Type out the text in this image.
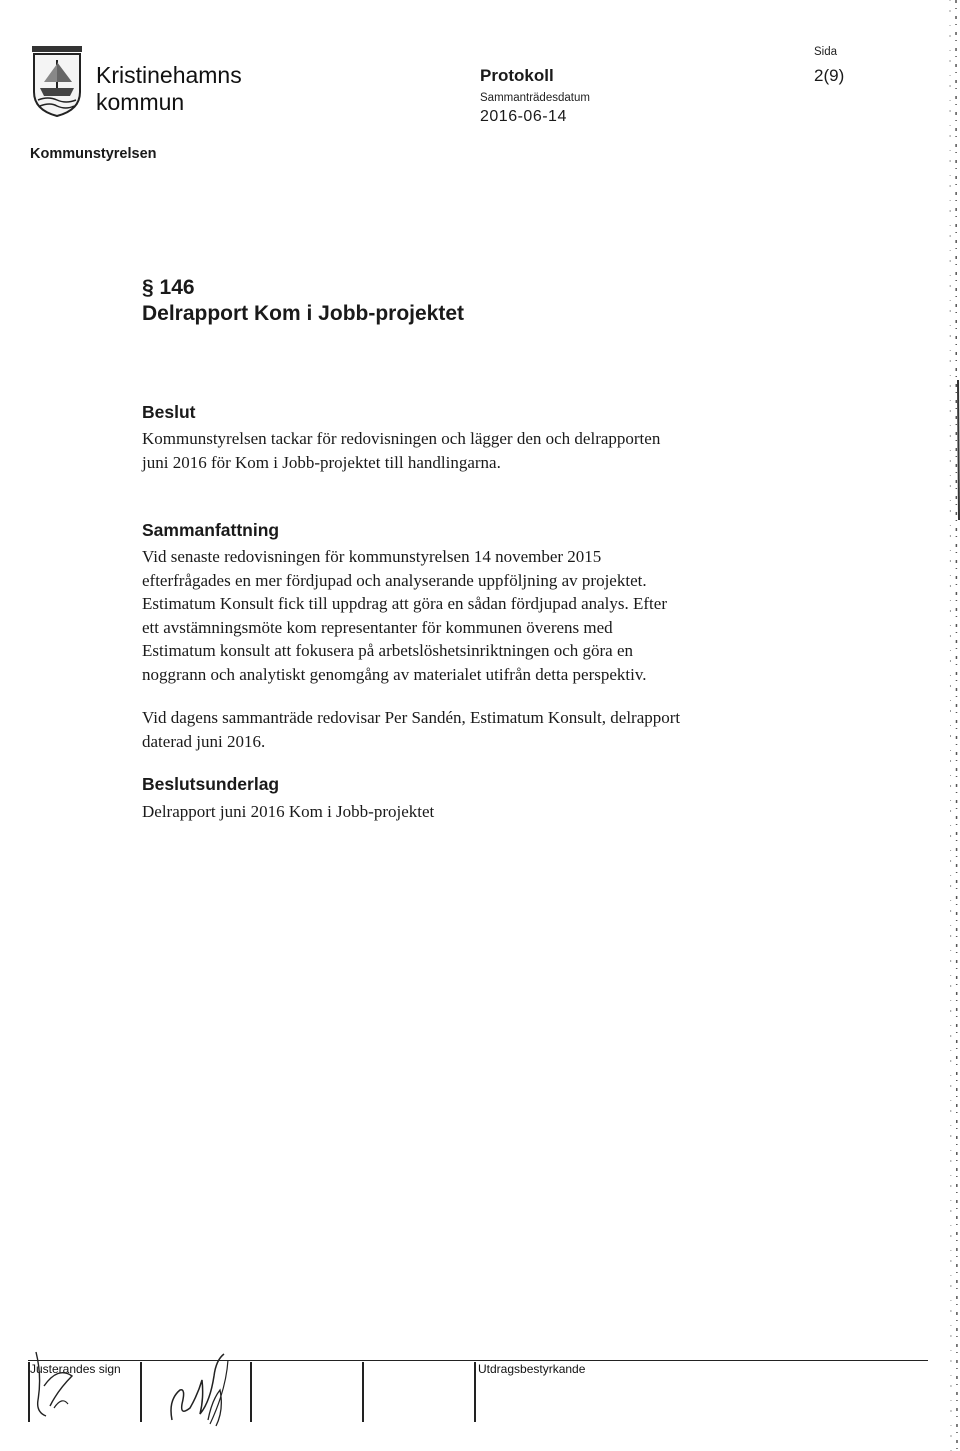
Kristinehamns
kommun
Protokoll
Sammanträdesdatum
2016-06-14
Sida
2(9)
Kommunstyrelsen
§ 146
Delrapport Kom i Jobb-projektet
Beslut
Kommunstyrelsen tackar för redovisningen och lägger den och delrapporten
juni 2016 för Kom i Jobb-projektet till handlingarna.
Sammanfattning
Vid senaste redovisningen för kommunstyrelsen 14 november 2015
efterfrågades en mer fördjupad och analyserande uppföljning av projektet.
Estimatum Konsult fick till uppdrag att göra en sådan fördjupad analys. Efter
ett avstämningsmöte kom representanter för kommunen överens med
Estimatum konsult att fokusera på arbetslöshetsinriktningen och göra en
noggrann och analytiskt genomgång av materialet utifrån detta perspektiv.
Vid dagens sammanträde redovisar Per Sandén, Estimatum Konsult, delrapport
daterad juni 2016.
Beslutsunderlag
Delrapport juni 2016 Kom i Jobb-projektet
Justerandes sign	Utdragsbestyrkande
